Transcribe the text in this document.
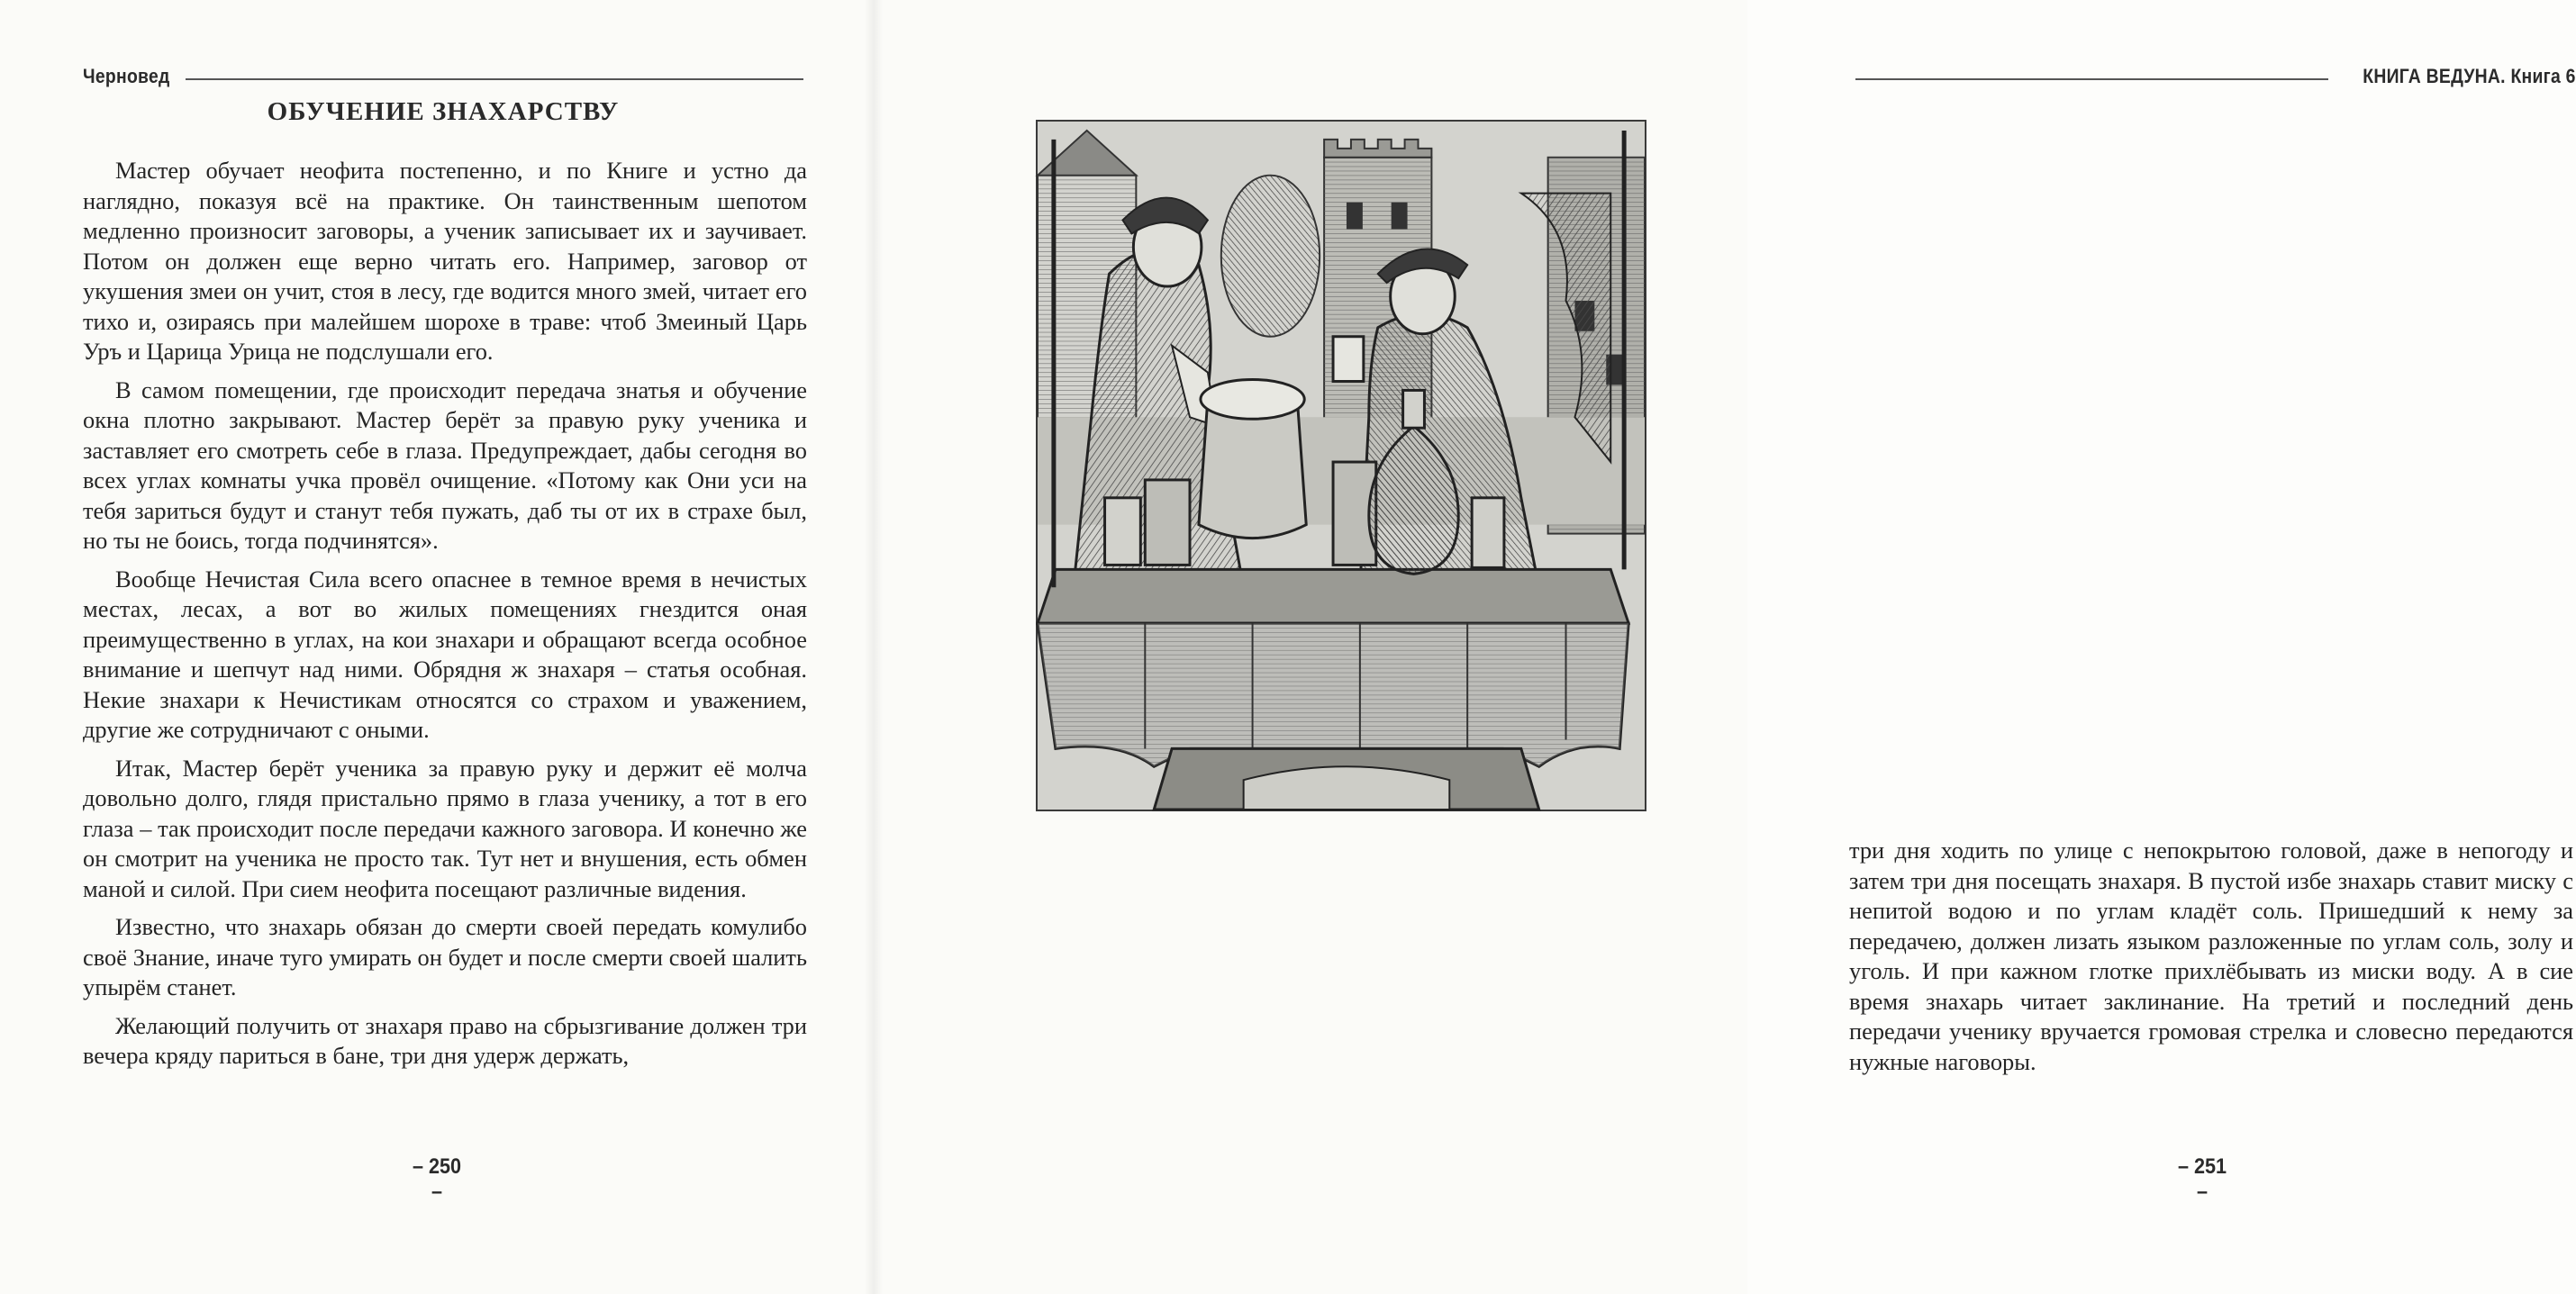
Черновед
ОБУЧЕНИЕ ЗНАХАРСТВУ

Мастер обучает неофита постепенно, и по Книге и устно да наглядно, показуя всё на практике. Он таинственным шепотом медленно произносит заговоры, а ученик записывает их и заучивает. Потом он должен еще верно читать его. Например, заговор от укушения змеи он учит, стоя в лесу, где водится много змей, читает его тихо и, озираясь при малейшем шорохе в траве: чтоб Змеиный Царь Уръ и Царица Урица не подслушали его.

В самом помещении, где происходит передача знатья и обучение окна плотно закрывают. Мастер берёт за правую руку ученика и заставляет его смотреть себе в глаза. Предупреждает, дабы сегодня во всех углах комнаты учка провёл очищение. «Потому как Они уси на тебя зариться будут и станут тебя пужать, даб ты от их в страхе был, но ты не боись, тогда подчинятся».

Вообще Нечистая Сила всего опаснее в темное время в нечистых местах, лесах, а вот во жилых помещениях гнездится оная преимущественно в углах, на кои знахари и обращают всегда особное внимание и шепчут над ними. Обрядня ж знахаря – статья особная. Некие знахари к Нечистикам относятся со страхом и уважением, другие же сотрудничают с оными.

Итак, Мастер берёт ученика за правую руку и держит её молча довольно долго, глядя пристально прямо в глаза ученику, а тот в его глаза – так происходит после передачи кажного заговора. И конечно же он смотрит на ученика не просто так. Тут нет и внушения, есть обмен маной и силой. При сием неофита посещают различные видения.

Известно, что знахарь обязан до смерти своей передать комулибо своё Знание, иначе туго умирать он будет и после смерти своей шалить упырём станет.

Желающий получить от знахаря право на сбрызгивание должен три вечера кряду париться в бане, три дня удерж держать,

– 250 –
КНИГА ВЕДУНА. Книга 6

три дня ходить по улице с непокрытою головой, даже в непогоду и затем три дня посещать знахаря. В пустой избе знахарь ставит миску с непитой водою и по углам кладёт соль. Пришедший к нему за передачею, должен лизать языком разложенные по углам соль, золу и уголь. И при кажном глотке прихлёбывать из миски воду. А в сие время знахарь читает заклинание. На третий и последний день передачи ученику вручается громовая стрелка и словесно передаются нужные наговоры.

– 251 –
